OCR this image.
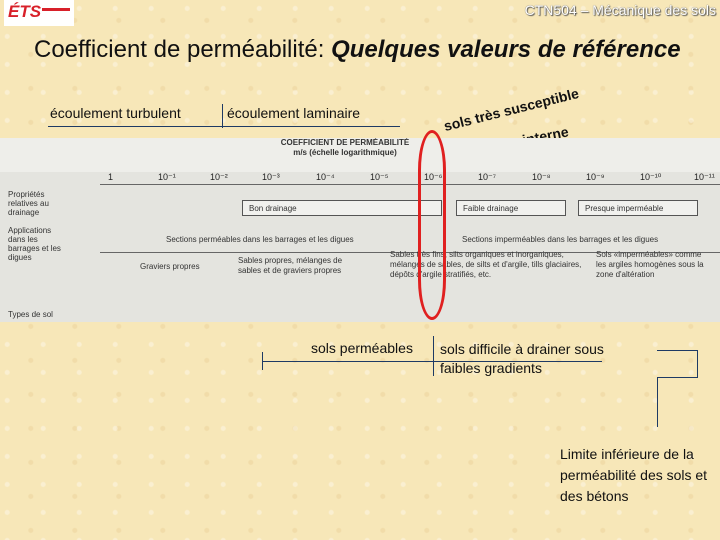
ÉTS	CTN504 – Mécanique des sols
Coefficient de perméabilité: Quelques valeurs de référence
écoulement turbulent	écoulement laminaire	sols très susceptible
COEFFICIENT DE PERMÉABILITÉ
m/s (échelle logarithmique)
1	10⁻¹	10⁻²	10⁻³	10⁻⁴	10⁻⁵	10⁻⁶	10⁻⁷	10⁻⁸	10⁻⁹	10⁻¹⁰	10⁻¹¹
Propriétés relatives au drainage
Applications dans les barrages et les digues
Types de sol
Bon drainage	Faible drainage	Presque imperméable
Sections perméables dans les barrages et les digues	Sections imperméables dans les barrages et les digues
Graviers propres
Sables propres, mélanges de sables et de graviers propres
Sables très fins, silts organiques et inorganiques, mélanges de sables, de silts et d'argile, tills glaciaires, dépôts d'argile stratifiés, etc.
Sols «imperméables» comme les argiles homogènes sous la zone d'altération
sols perméables sols difficile à drainer sous faibles gradients
Limite inférieure de la perméabilité des sols et des bétons
